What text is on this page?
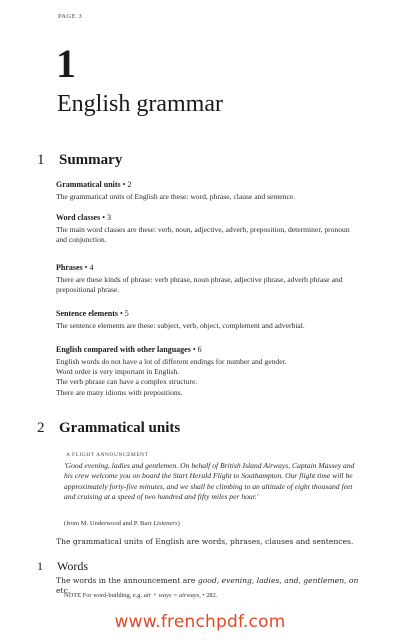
PAGE 3
1
English grammar
1 Summary
Grammatical units • 2

The grammatical units of English are these: word, phrase, clause and sentence.

Word classes • 3

The main word classes are these: verb, noun, adjective, adverb, preposition, determiner, pronoun and conjunction.

Phrases • 4

There are these kinds of phrase: verb phrase, noun phrase, adjective phrase, adverb phrase and prepositional phrase.

Sentence elements • 5

The sentence elements are these: subject, verb, object, complement and adverbial.

English compared with other languages • 6

English words do not have a lot of different endings for number and gender.

Word order is very important in English.

The verb phrase can have a complex structure.

There are many idioms with prepositions.

2 Grammatical units
A FLIGHT ANNOUNCEMENT

'Good evening, ladies and gentlemen. On behalf of British Island Airways, Captain Massey and his crew welcome you on board the Start Herald Flight to Southampton. Our flight time will be approximately forty-five minutes, and we shall be climbing to an altitude of eight thousand feet and cruising at a speed of two hundred and fifty miles per hour.'

(from M. Underwood and P. Barr Listeners)

The grammatical units of English are words, phrases, clauses and sentences.

1 Words

The words in the announcement are good, evening, ladies, and, gentlemen, on etc.

NOTE For word-building, e.g. air + ways = airways, • 282.
www.frenchpdf.com
